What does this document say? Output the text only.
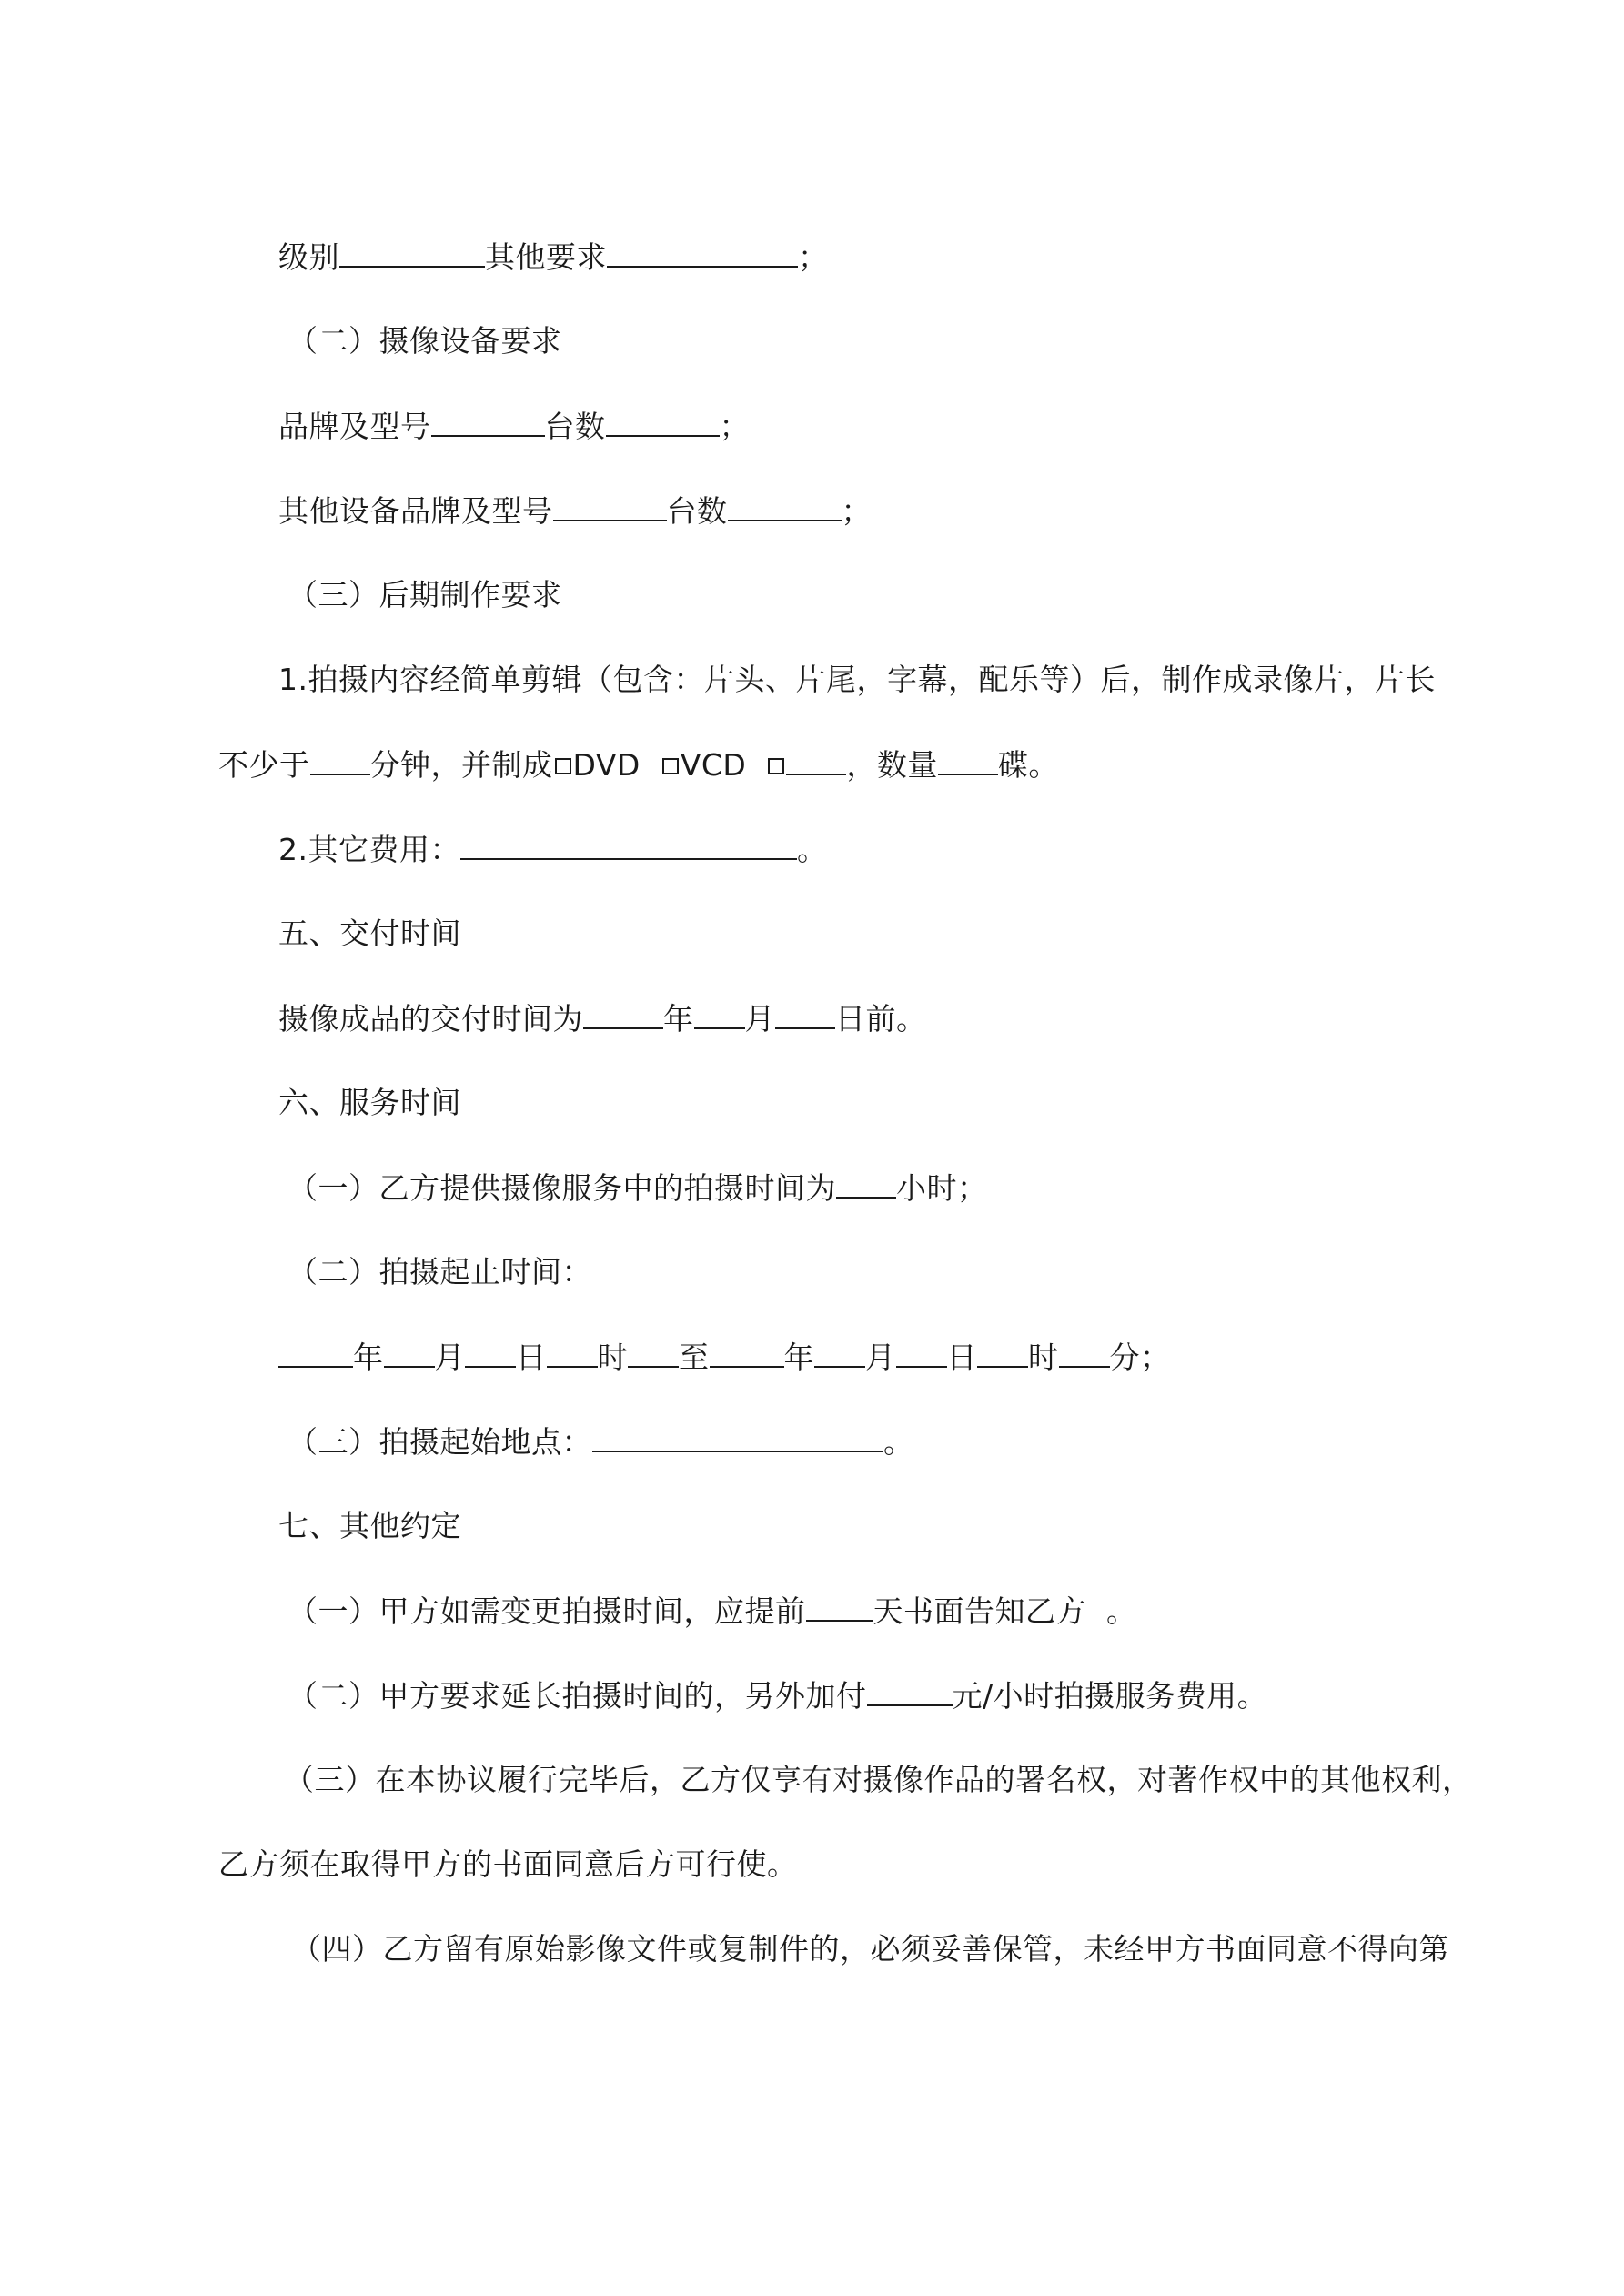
级别	其他要求	；
（二）摄像设备要求
品牌及型号	台数	；
其他设备品牌及型号	台数	；
（三）后期制作要求
1.拍摄内容经简单剪辑（包含：片头、片尾，字幕，配乐等）后，制作成录像片，片长
不少于 分钟，并制成 DVD VCD	，数量 碟。
2.其它费用：	。
五、交付时间
摄像成品的交付时间为	年 月 日前。
六、服务时间
（一）乙方提供摄像服务中的拍摄时间为 小时；
（二）拍摄起止时间：
年 月 日 时 至 年 月 日 时 分；
（三）拍摄起始地点：	。
七、其他约定
（一）甲方如需变更拍摄时间，应提前 天书面告知乙方 。
（二）甲方要求延长拍摄时间的，另外加付	元/小时拍摄服务费用。
（三）在本协议履行完毕后，乙方仅享有对摄像作品的署名权，对著作权中的其他权利，
乙方须在取得甲方的书面同意后方可行使。
（四）乙方留有原始影像文件或复制件的，必须妥善保管，未经甲方书面同意不得向第
